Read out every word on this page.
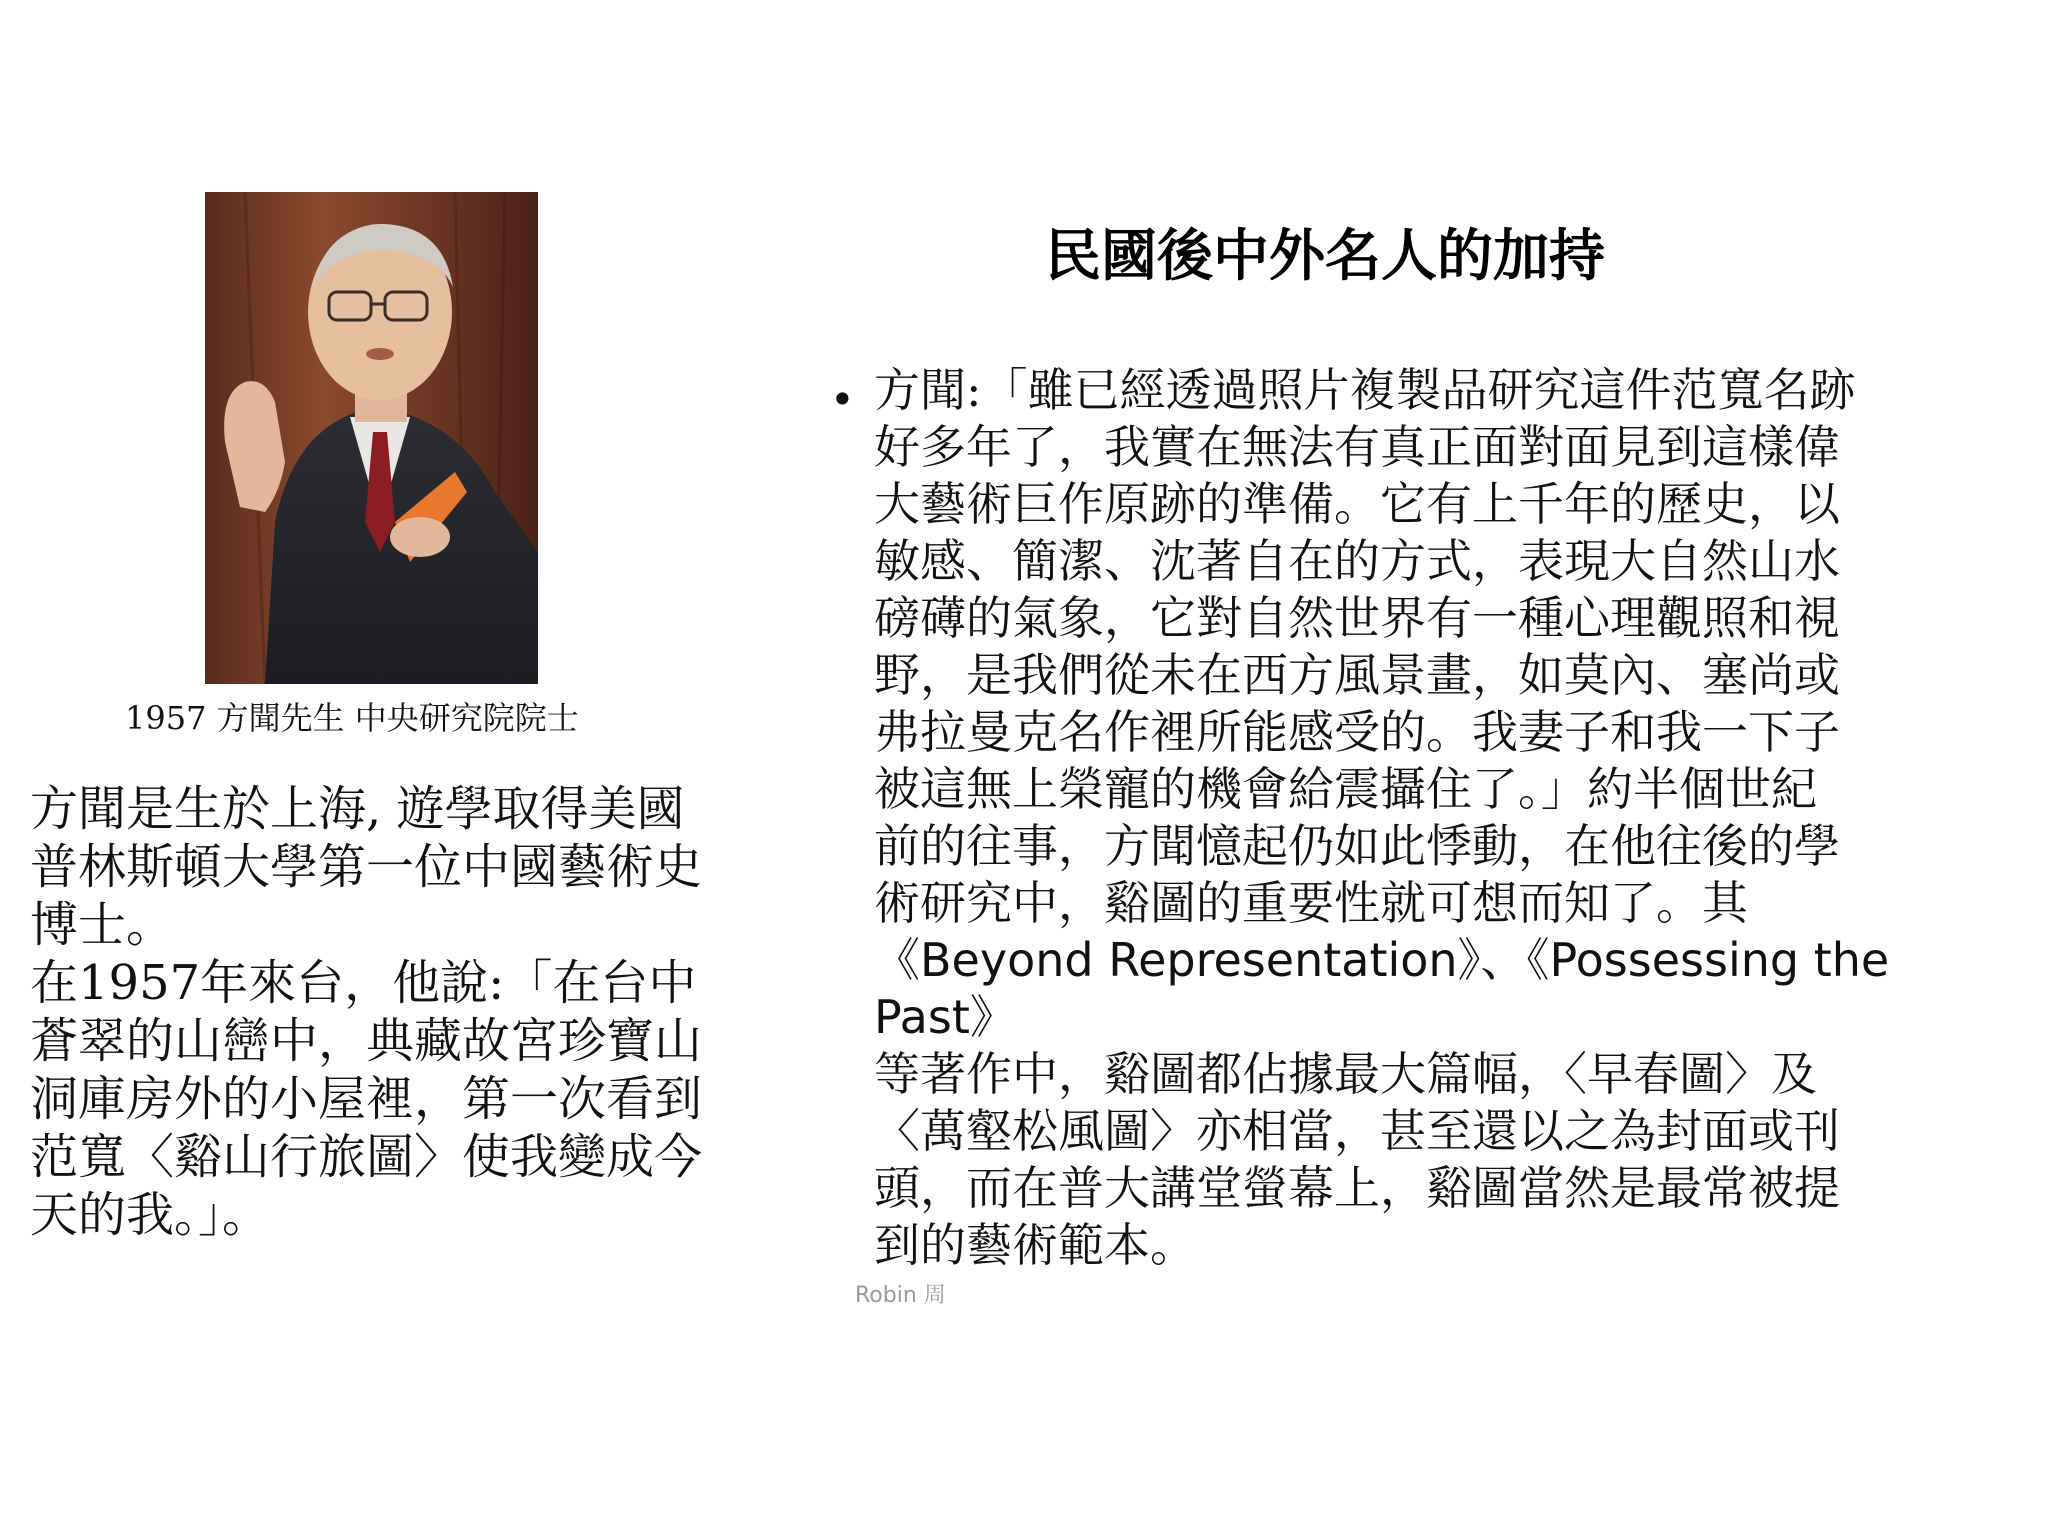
1957 方聞先生 中央研究院院士

方聞是生於上海, 遊學取得美國普林斯頓大學第一位中國藝術史博士。

在1957年來台，他說:「在台中蒼翠的山巒中，典藏故宮珍寶山洞庫房外的小屋裡，第一次看到范寬〈谿山行旅圖〉使我變成今天的我。」。

民國後中外名人的加持
• 方聞:「雖已經透過照片複製品研究這件范寬名跡
好多年了，我實在無法有真正面對面見到這樣偉
大藝術巨作原跡的準備。它有上千年的歷史，以
敏感、簡潔、沈著自在的方式，表現大自然山水
磅礡的氣象，它對自然世界有一種心理觀照和視
野，是我們從未在西方風景畫，如莫內、塞尚或
弗拉曼克名作裡所能感受的。我妻子和我一下子
被這無上榮寵的機會給震攝住了。」約半個世紀
前的往事，方聞憶起仍如此悸動，在他往後的學
術研究中，谿圖的重要性就可想而知了。其
《Beyond Representation》、《Possessing the Past》
等著作中，谿圖都佔據最大篇幅，〈早春圖〉及
〈萬壑松風圖〉亦相當，甚至還以之為封面或刊
頭，而在普大講堂螢幕上，谿圖當然是最常被提
到的藝術範本。
Robin 周
